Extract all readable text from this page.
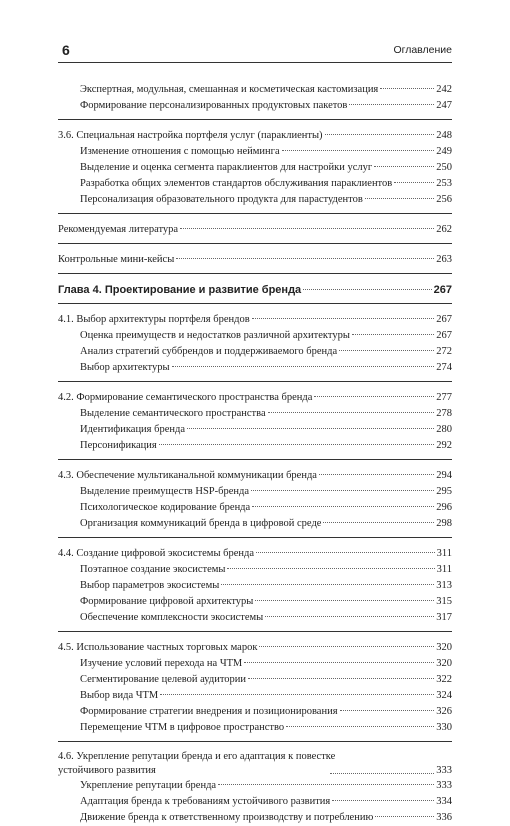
6	Оглавление
Экспертная, модульная, смешанная и косметическая кастомизация	242
Формирование персонализированных продуктовых пакетов	247
3.6. Специальная настройка портфеля услуг (параклиенты)	248
Изменение отношения с помощью нейминга	249
Выделение и оценка сегмента параклиентов для настройки услуг	250
Разработка общих элементов стандартов обслуживания параклиентов	253
Персонализация образовательного продукта для парастудентов	256
Рекомендуемая литература	262
Контрольные мини-кейсы	263
Глава 4. Проектирование и развитие бренда	267
4.1. Выбор архитектуры портфеля брендов	267
Оценка преимуществ и недостатков различной архитектуры	267
Анализ стратегий суббрендов и поддерживаемого бренда	272
Выбор архитектуры	274
4.2. Формирование семантического пространства бренда	277
Выделение семантического пространства	278
Идентификация бренда	280
Персонификация	292
4.3. Обеспечение мультиканальной коммуникации бренда	294
Выделение преимуществ HSP-бренда	295
Психологическое кодирование бренда	296
Организация коммуникаций бренда в цифровой среде	298
4.4. Создание цифровой экосистемы бренда	311
Поэтапное создание экосистемы	311
Выбор параметров экосистемы	313
Формирование цифровой архитектуры	315
Обеспечение комплексности экосистемы	317
4.5. Использование частных торговых марок	320
Изучение условий перехода на ЧТМ	320
Сегментирование целевой аудитории	322
Выбор вида ЧТМ	324
Формирование стратегии внедрения и позиционирования	326
Перемещение ЧТМ в цифровое пространство	330
4.6. Укрепление репутации бренда и его адаптация к повестке
устойчивого развития	333
Укрепление репутации бренда	333
Адаптация бренда к требованиям устойчивого развития	334
Движение бренда к ответственному производству и потреблению	336
